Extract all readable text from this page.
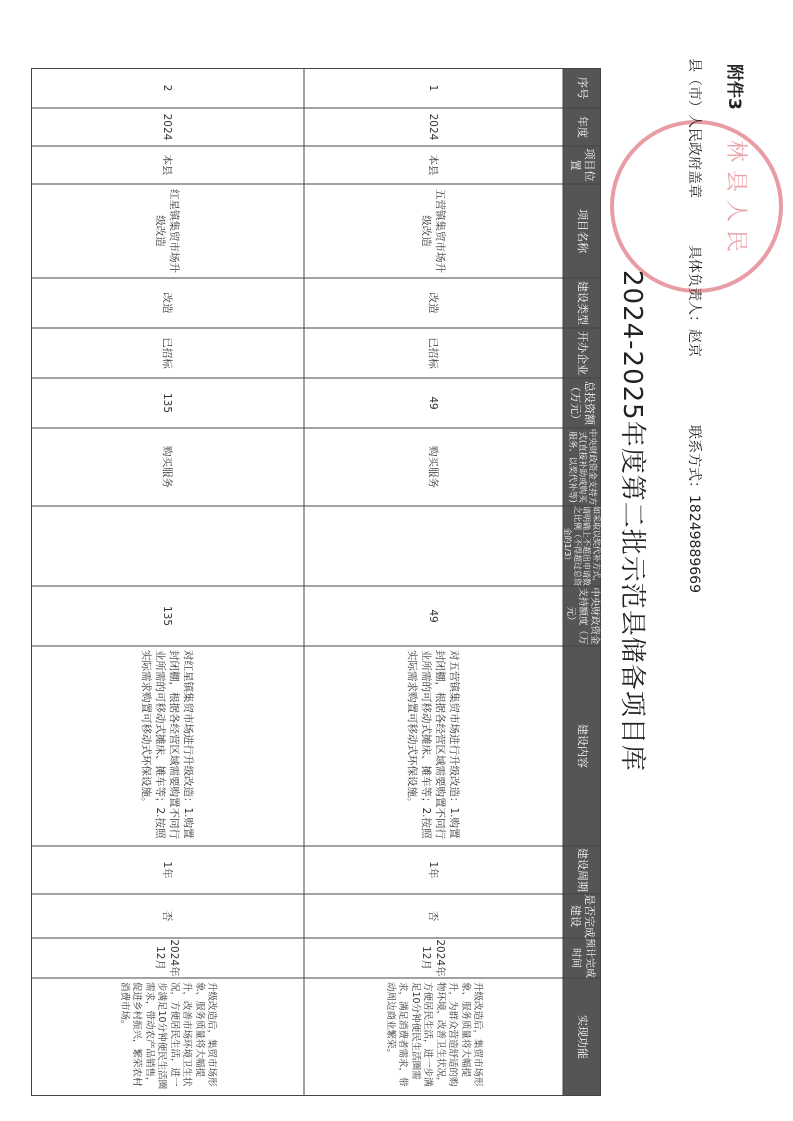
林县人民
附件3
县（市）人民政府盖章
具体负责人：赵京
联系方式：18249889669
2024-2025年度第二批示范县储备项目库
序号
年度
项目位置
项目名称
建设类型
开办企业
总投资额（万元）
中央财政资金支持方式(直接补助或购买服务、以奖代补等)
如采取以奖代补方式，请明确上不超出申请数之比例（不得超过总资金的1/3）
中央财政资金支持额度（万元）
建设内容
建设周期
是否完成建设
预计完成时间
实现功能
1
2024
本县
五营镇集贸市场升级改造
改造
已招标
49
购买服务
49
对五营镇集贸市场进行升级改造：1.购置封闭棚，根据各经营区域需要购置不同行业所需的可移动式摊床、摊车等；2.按照实际需求购置可移动式环保设施。
1年
否
2024年12月
升级改造后，集贸市场形象、服务质量将大幅提升，为群众营造舒适的购物环境，改善卫生状况，方便居民生活，进一步满足10分钟便民生活圈需求，满足消费者需求，带动周边商业繁荣。
2
2024
本县
红星镇集贸市场升级改造
改造
已招标
135
购买服务
135
对红星镇集贸市场进行升级改造：1.购置封闭棚，根据各经营区域需要购置不同行业所需的可移动式摊床、摊车等；2.按照实际需求购置可移动式环保设施。
1年
否
2024年12月
升级改造后，集贸市场形象、服务质量将大幅提升，改善市场环境卫生状况，方便居民生活，进一步满足10分钟便民生活圈需求，带动农产品销售，促进乡村振兴，繁荣农村消费市场。
